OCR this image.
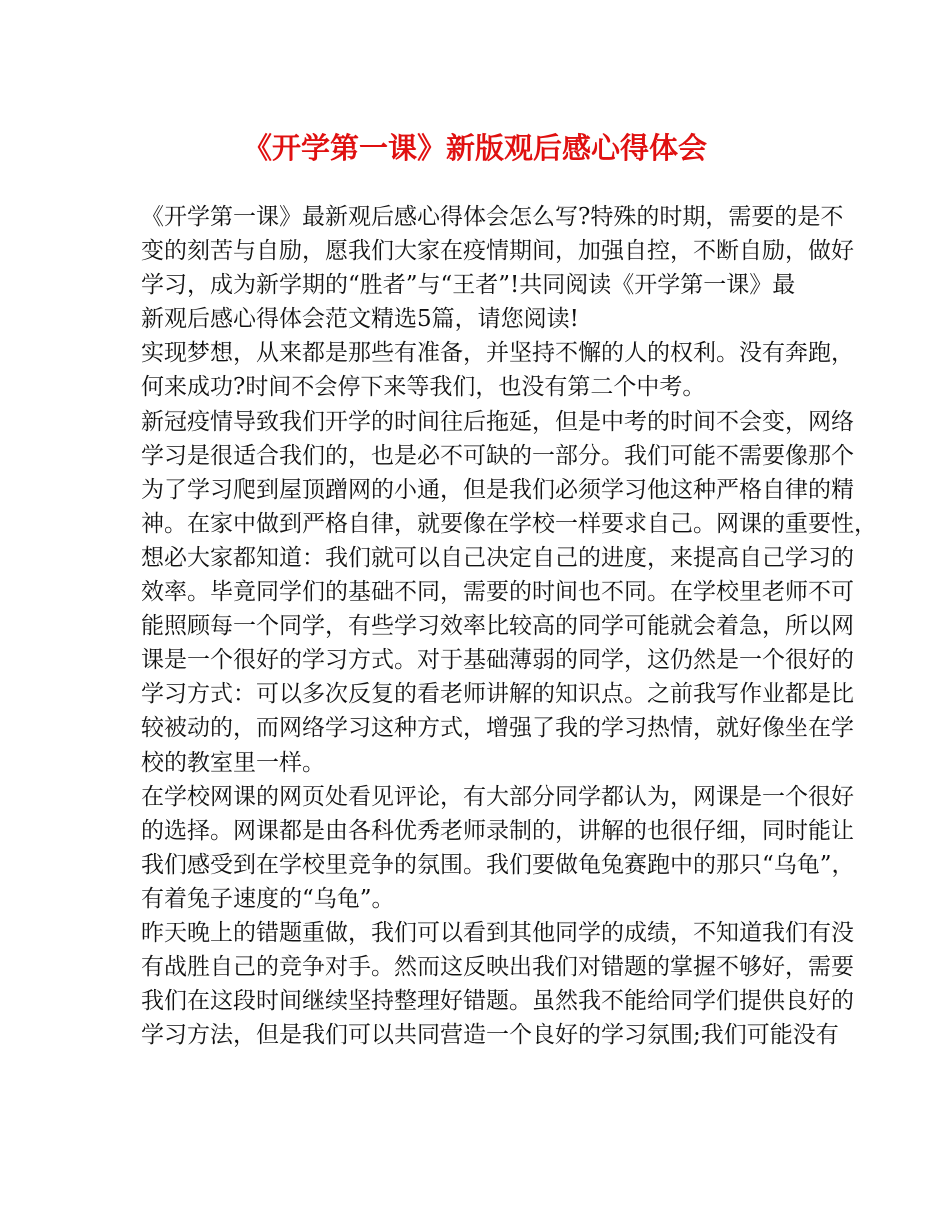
《开学第一课》新版观后感心得体会
《开学第一课》最新观后感心得体会怎么写?特殊的时期，需要的是不
变的刻苦与自励，愿我们大家在疫情期间，加强自控，不断自励，做好
学习，成为新学期的“胜者”与“王者”!共同阅读《开学第一课》最
新观后感心得体会范文精选5篇，请您阅读!
实现梦想，从来都是那些有准备，并坚持不懈的人的权利。没有奔跑，
何来成功?时间不会停下来等我们，也没有第二个中考。
新冠疫情导致我们开学的时间往后拖延，但是中考的时间不会变，网络
学习是很适合我们的，也是必不可缺的一部分。我们可能不需要像那个
为了学习爬到屋顶蹭网的小通，但是我们必须学习他这种严格自律的精
神。在家中做到严格自律，就要像在学校一样要求自己。网课的重要性，
想必大家都知道：我们就可以自己决定自己的进度，来提高自己学习的
效率。毕竟同学们的基础不同，需要的时间也不同。在学校里老师不可
能照顾每一个同学，有些学习效率比较高的同学可能就会着急，所以网
课是一个很好的学习方式。对于基础薄弱的同学，这仍然是一个很好的
学习方式：可以多次反复的看老师讲解的知识点。之前我写作业都是比
较被动的，而网络学习这种方式，增强了我的学习热情，就好像坐在学
校的教室里一样。
在学校网课的网页处看见评论，有大部分同学都认为，网课是一个很好
的选择。网课都是由各科优秀老师录制的，讲解的也很仔细，同时能让
我们感受到在学校里竞争的氛围。我们要做龟兔赛跑中的那只“乌龟”，
有着兔子速度的“乌龟”。
昨天晚上的错题重做，我们可以看到其他同学的成绩，不知道我们有没
有战胜自己的竞争对手。然而这反映出我们对错题的掌握不够好，需要
我们在这段时间继续坚持整理好错题。虽然我不能给同学们提供良好的
学习方法，但是我们可以共同营造一个良好的学习氛围;我们可能没有
